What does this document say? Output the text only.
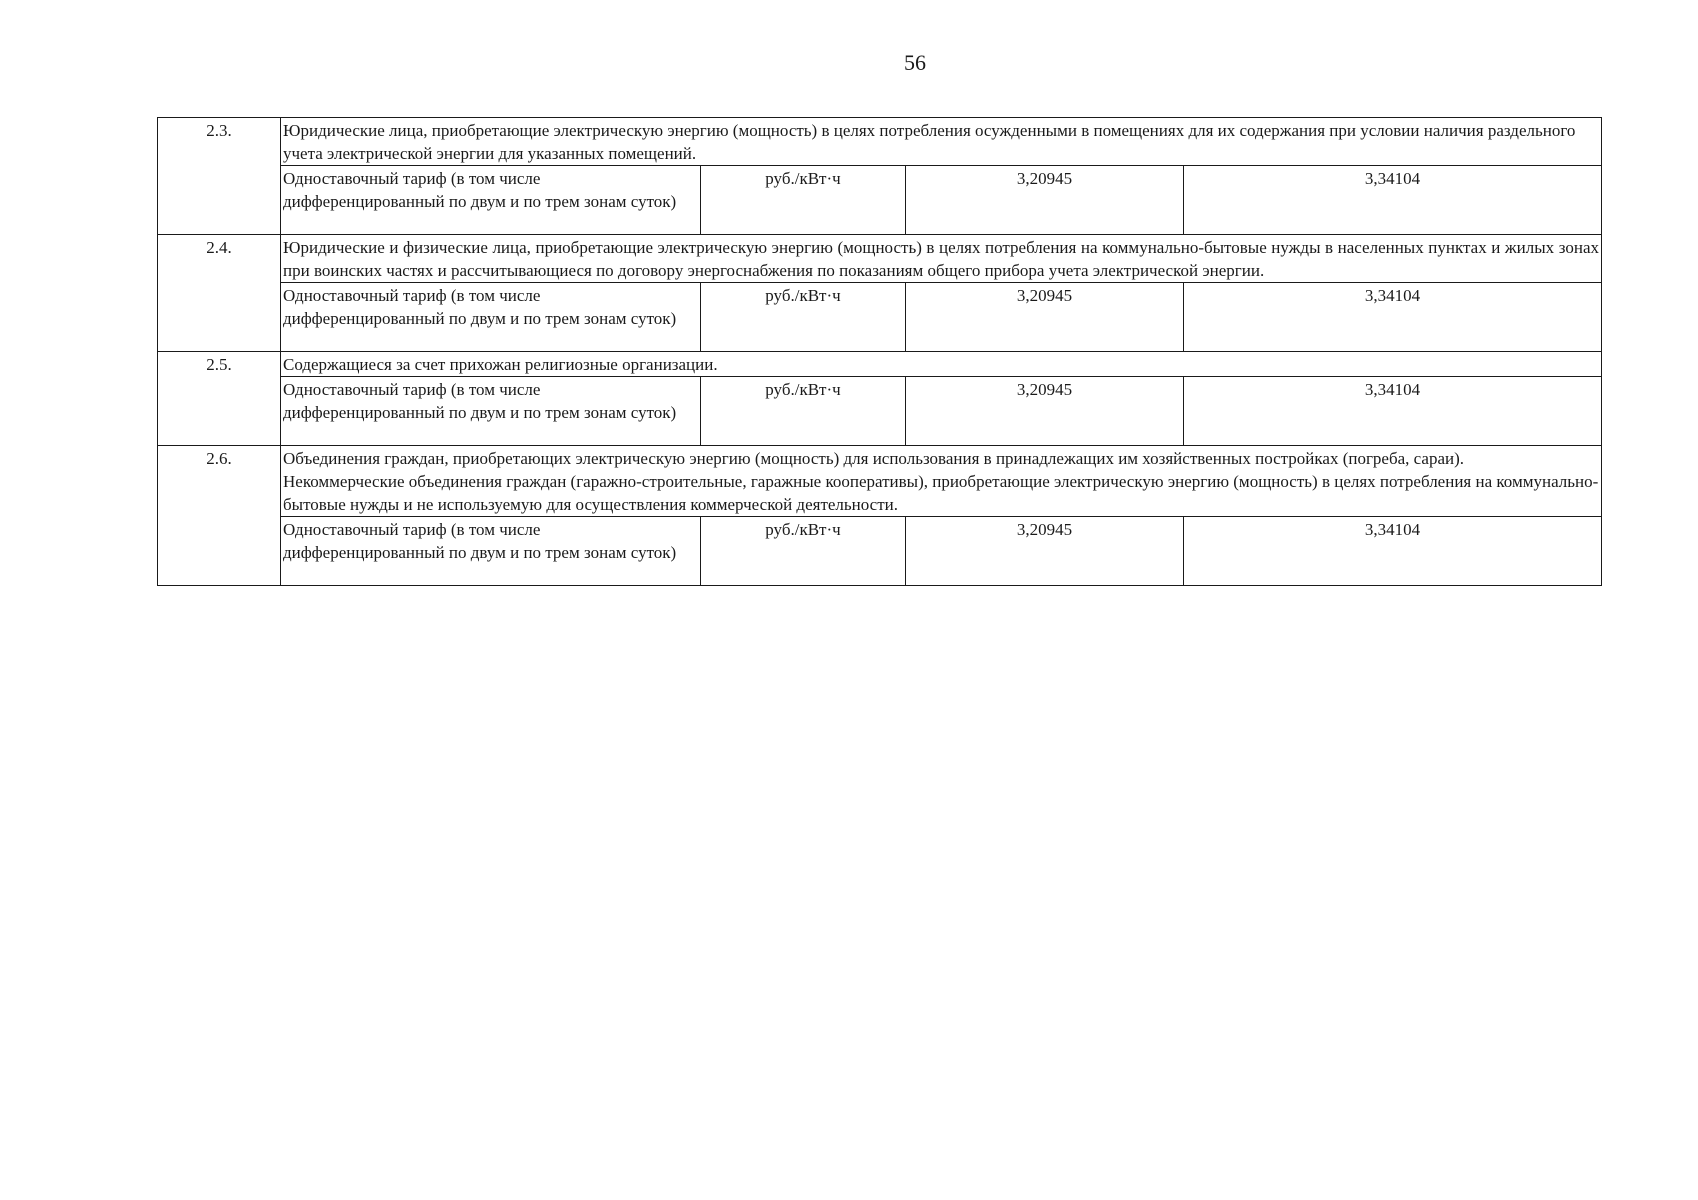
56
2.3.	Юридические лица, приобретающие электрическую энергию (мощность) в целях потребления осужденными в помещениях для их содержания при условии наличия раздельного учета электрической энергии для указанных помещений.			

	Одноставочный тариф (в том числе дифференцированный по двум и по трем зонам суток)	руб./кВт·ч	3,20945	3,34104
2.4.	Юридические и физические лица, приобретающие электрическую энергию (мощность) в целях потребления на коммунально-бытовые нужды в населенных пунктах и жилых зонах при воинских частях и рассчитывающиеся по договору энергоснабжения по показаниям общего прибора учета электрической энергии.			

	Одноставочный тариф (в том числе дифференцированный по двум и по трем зонам суток)	руб./кВт·ч	3,20945	3,34104
2.5.	Содержащиеся за счет прихожан религиозные организации.			

	Одноставочный тариф (в том числе дифференцированный по двум и по трем зонам суток)	руб./кВт·ч	3,20945	3,34104
2.6.	Объединения граждан, приобретающих электрическую энергию (мощность) для использования в принадлежащих им хозяйственных постройках (погреба, сараи).
Некоммерческие объединения граждан (гаражно-строительные, гаражные кооперативы), приобретающие электрическую энергию (мощность) в целях потребления на коммунально-бытовые нужды и не используемую для осуществления коммерческой деятельности.			

	Одноставочный тариф (в том числе дифференцированный по двум и по трем зонам суток)	руб./кВт·ч	3,20945	3,34104
